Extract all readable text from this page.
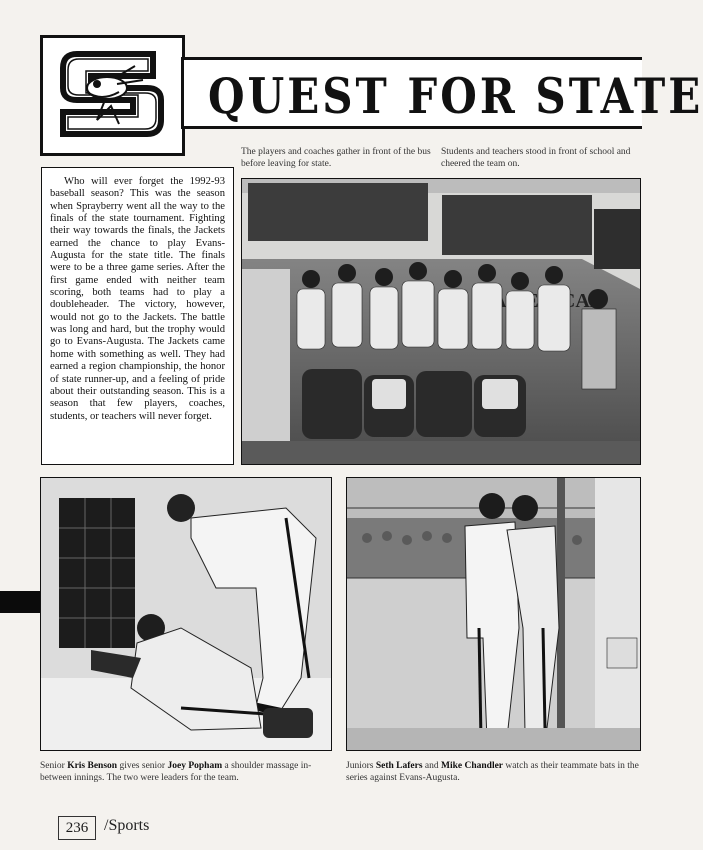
QUEST FOR STATE
The players and coaches gather in front of the bus before leaving for state.
Students and teachers stood in front of school and cheered the team on.
Who will ever forget the 1992-93 baseball season? This was the season when Sprayberry went all the way to the finals of the state tournament. Fighting their way towards the finals, the Jackets earned the chance to play Evans-Augusta for the state title. The finals were to be a three game series. After the first game ended with neither team scoring, both teams had to play a doubleheader. The victory, however, would not go to the Jackets. The battle was long and hard, but the trophy would go to Evans-Augusta. The Jackets came home with something as well. They had earned a region championship, the honor of state runner-up, and a feeling of pride about their outstanding season. This is a season that few players, coaches, students, or teachers will never forget.
Senior Kris Benson gives senior Joey Popham a shoulder massage in-between innings. The two were leaders for the team.
Juniors Seth Lafers and Mike Chandler watch as their teammate bats in the series against Evans-Augusta.
236 /Sports
